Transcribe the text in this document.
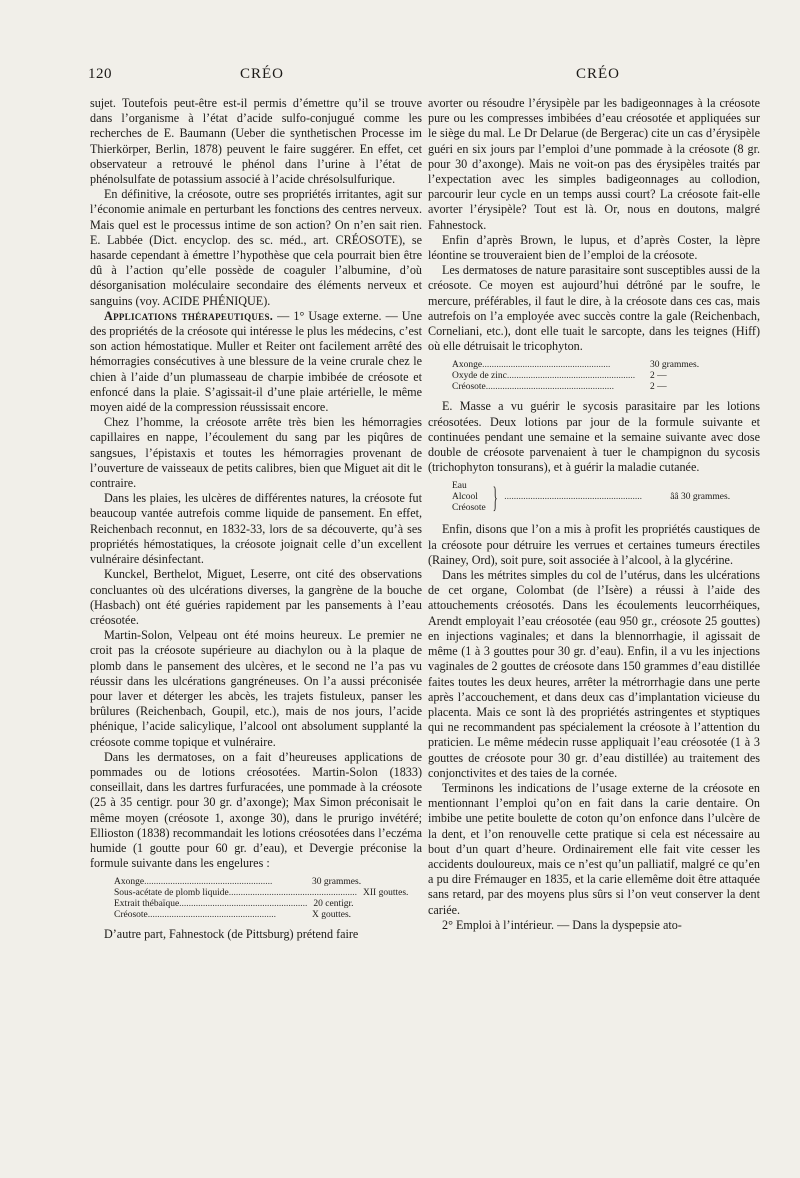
120	CRÉO	CRÉO

sujet. Toutefois peut-être est-il permis d’émettre qu’il se trouve dans l’organisme à l’état d’acide sulfo-conjugué comme les recherches de E. Baumann (Ueber die synthetischen Processe im Thierkörper, Berlin, 1878) peuvent le faire suggérer. En effet, cet observateur a retrouvé le phénol dans l’urine à l’état de phénolsulfate de potassium associé à l’acide chrésolsulfurique.

En définitive, la créosote, outre ses propriétés irritantes, agit sur l’économie animale en perturbant les fonctions des centres nerveux. Mais quel est le processus intime de son action? On n’en sait rien. E. Labbée (Dict. encyclop. des sc. méd., art. CRÉOSOTE), se hasarde cependant à émettre l’hypothèse que cela pourrait bien être dû à l’action qu’elle possède de coaguler l’albumine, d’où désorganisation moléculaire secondaire des éléments nerveux et sanguins (voy. ACIDE PHÉNIQUE).

Applications thérapeutiques. — 1° Usage externe. — Une des propriétés de la créosote qui intéresse le plus les médecins, c’est son action hémostatique. Muller et Reiter ont facilement arrêté des hémorragies consécutives à une blessure de la veine crurale chez le chien à l’aide d’un plumasseau de charpie imbibée de créosote et enfoncé dans la plaie. S’agissait-il d’une plaie artérielle, le même moyen aidé de la compression réussissait encore.

Chez l’homme, la créosote arrête très bien les hémorragies capillaires en nappe, l’écoulement du sang par les piqûres de sangsues, l’épistaxis et toutes les hémorragies provenant de l’ouverture de vaisseaux de petits calibres, bien que Miguet ait dit le contraire.

Dans les plaies, les ulcères de différentes natures, la créosote fut beaucoup vantée autrefois comme liquide de pansement. En effet, Reichenbach reconnut, en 1832-33, lors de sa découverte, qu’à ses propriétés hémostatiques, la créosote joignait celle d’un excellent vulnéraire désinfectant.

Kunckel, Berthelot, Miguet, Leserre, ont cité des observations concluantes où des ulcérations diverses, la gangrène de la bouche (Hasbach) ont été guéries rapidement par les pansements à l’eau créosotée.

Martin-Solon, Velpeau ont été moins heureux. Le premier ne croit pas la créosote supérieure au diachylon ou à la plaque de plomb dans le pansement des ulcères, et le second ne l’a pas vu réussir dans les ulcérations gangréneuses. On l’a aussi préconisée pour laver et déterger les abcès, les trajets fistuleux, panser les brûlures (Reichenbach, Goupil, etc.), mais de nos jours, l’acide phénique, l’acide salicylique, l’alcool ont absolument supplanté la créosote comme topique et vulnéraire.

Dans les dermatoses, on a fait d’heureuses applications de pommades ou de lotions créosotées. Martin-Solon (1833) conseillait, dans les dartres furfuracées, une pommade à la créosote (25 à 35 centigr. pour 30 gr. d’axonge); Max Simon préconisait le même moyen (créosote 1, axonge 30), dans le prurigo invétéré; Ellioston (1838) recommandait les lotions créosotées dans l’eczéma humide (1 goutte pour 60 gr. d’eau), et Devergie préconise la formule suivante dans les engelures :

Axonge ......................................................	30 grammes.
Sous-acétate de plomb liquide ...................................................... XII gouttes.
Extrait thébaïque ...................................................... 20 centigr.
Créosote ......................................................	X gouttes.

D’autre part, Fahnestock (de Pittsburg) prétend faire

avorter ou résoudre l’érysipèle par les badigeonnages à la créosote pure ou les compresses imbibées d’eau créosotée et appliquées sur le siège du mal. Le Dr Delarue (de Bergerac) cite un cas d’érysipèle guéri en six jours par l’emploi d’une pommade à la créosote (8 gr. pour 30 d’axonge). Mais ne voit-on pas des érysipèles traités par l’expectation avec les simples badigeonnages au collodion, parcourir leur cycle en un temps aussi court? La créosote fait-elle avorter l’érysipèle? Tout est là. Or, nous en doutons, malgré Fahnestock.

Enfin d’après Brown, le lupus, et d’après Coster, la lèpre léontine se trouveraient bien de l’emploi de la créosote.

Les dermatoses de nature parasitaire sont susceptibles aussi de la créosote. Ce moyen est aujourd’hui détrôné par le soufre, le mercure, préférables, il faut le dire, à la créosote dans ces cas, mais autrefois on l’a employée avec succès contre la gale (Reichenbach, Corneliani, etc.), dont elle tuait le sarcopte, dans les teignes (Hiff) où elle détruisait le tricophyton.

Axonge ......................................................	30 grammes.
Oxyde de zinc ......................................................	2 —
Créosote ......................................................	2 —

E. Masse a vu guérir le sycosis parasitaire par les lotions créosotées. Deux lotions par jour de la formule suivante et continuées pendant une semaine et la semaine suivante avec dose double de créosote parvenaient à tuer le champignon du sycosis (trichophyton tonsurans), et à guérir la maladie cutanée.

Eau
Alcool
Créosote } ..........................................................	ââ 30 grammes.

Enfin, disons que l’on a mis à profit les propriétés caustiques de la créosote pour détruire les verrues et certaines tumeurs érectiles (Rainey, Ord), soit pure, soit associée à l’alcool, à la glycérine.

Dans les métrites simples du col de l’utérus, dans les ulcérations de cet organe, Colombat (de l’Isère) a réussi à l’aide des attouchements créosotés. Dans les écoulements leucorrhéiques, Arendt employait l’eau créosotée (eau 950 gr., créosote 25 gouttes) en injections vaginales; et dans la blennorrhagie, il agissait de même (1 à 3 gouttes pour 30 gr. d’eau). Enfin, il a vu les injections vaginales de 2 gouttes de créosote dans 150 grammes d’eau distillée faites toutes les deux heures, arrêter la métrorrhagie dans une perte après l’accouchement, et dans deux cas d’implantation vicieuse du placenta. Mais ce sont là des propriétés astringentes et styptiques qui ne recommandent pas spécialement la créosote à l’attention du praticien. Le même médecin russe appliquait l’eau créosotée (1 à 3 gouttes de créosote pour 30 gr. d’eau distillée) au traitement des conjonctivites et des taies de la cornée.

Terminons les indications de l’usage externe de la créosote en mentionnant l’emploi qu’on en fait dans la carie dentaire. On imbibe une petite boulette de coton qu’on enfonce dans l’ulcère de la dent, et l’on renouvelle cette pratique si cela est nécessaire au bout d’un quart d’heure. Ordinairement elle fait vite cesser les accidents douloureux, mais ce n’est qu’un palliatif, malgré ce qu’en a pu dire Frémauger en 1835, et la carie ellemême doit être attaquée sans retard, par des moyens plus sûrs si l’on veut conserver la dent cariée.

2° Emploi à l’intérieur. — Dans la dyspepsie ato-
